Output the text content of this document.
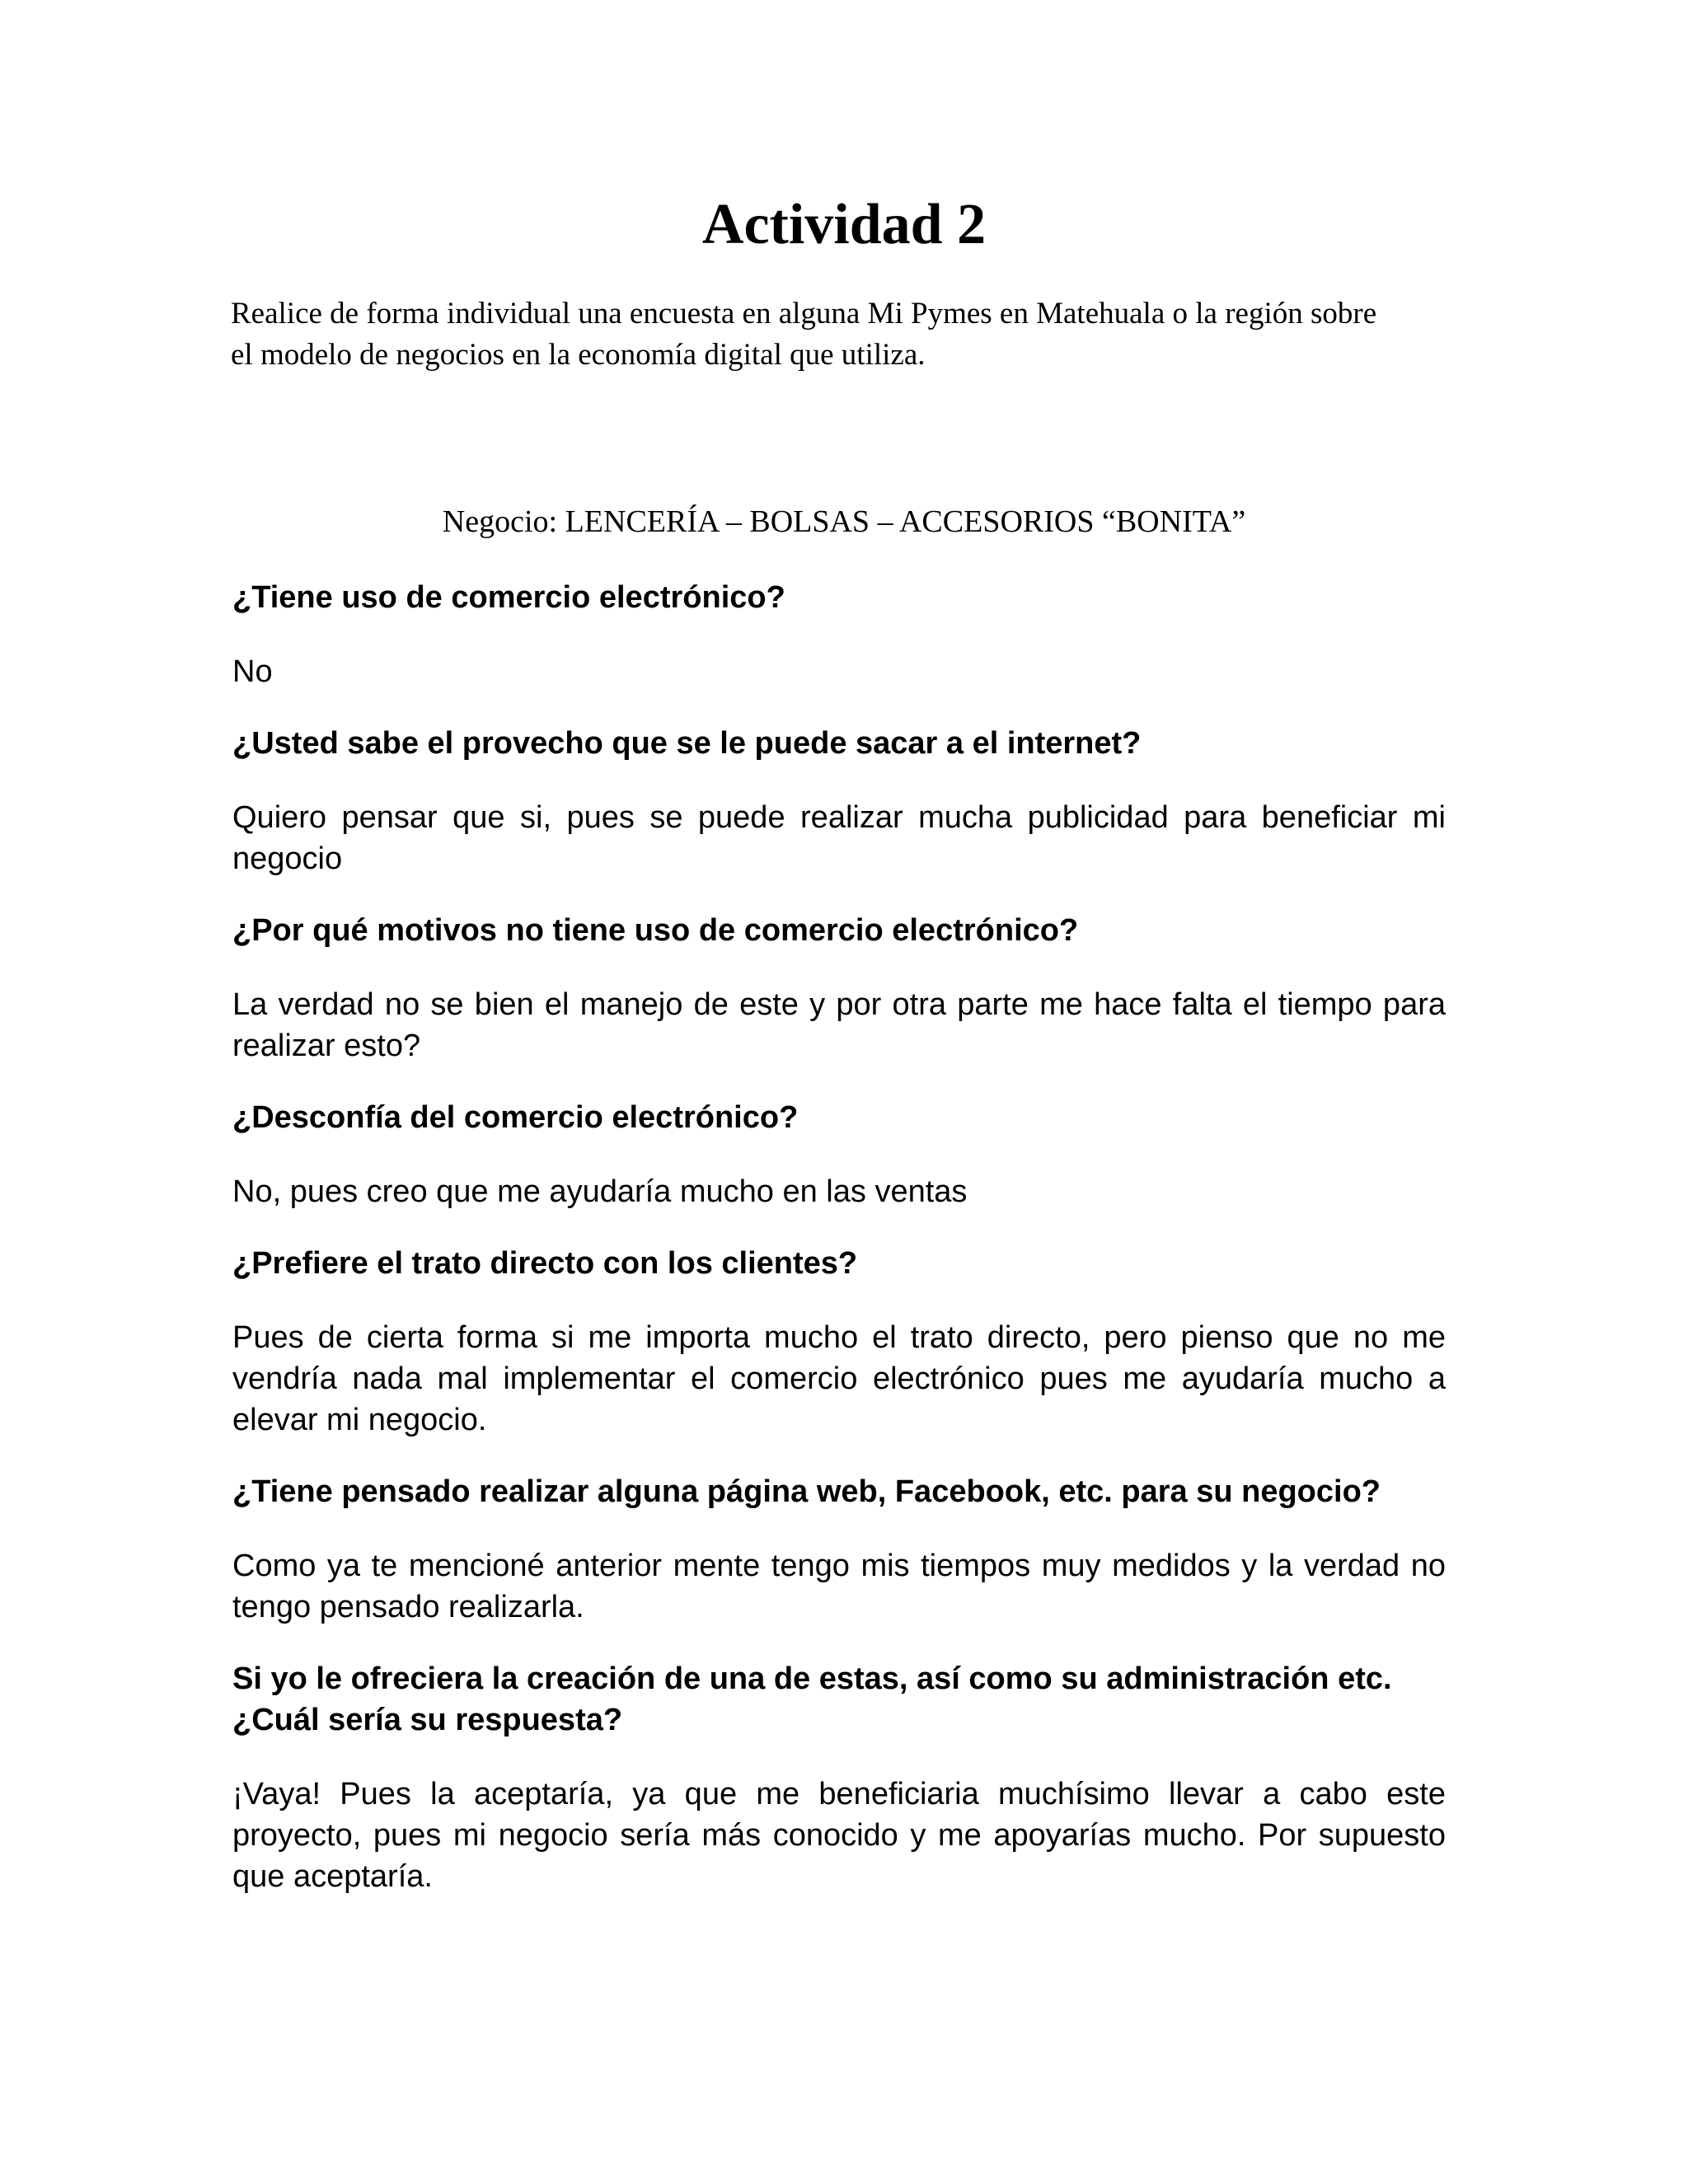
Actividad 2

Realice de forma individual una encuesta en alguna Mi Pymes en Matehuala o la región sobre el modelo de negocios en la economía digital que utiliza.

Negocio: LENCERÍA – BOLSAS – ACCESORIOS “BONITA”

¿Tiene uso de comercio electrónico?

No

¿Usted sabe el provecho que se le puede sacar a el internet?

Quiero pensar que si, pues se puede realizar mucha publicidad para beneficiar mi negocio

¿Por qué motivos no tiene uso de comercio electrónico?

La verdad no se bien el manejo de este y por otra parte me hace falta el tiempo para realizar esto?

¿Desconfía del comercio electrónico?

No, pues creo que me ayudaría mucho en las ventas

¿Prefiere el trato directo con los clientes?

Pues de cierta forma si me importa mucho el trato directo, pero pienso que no me vendría nada mal implementar el comercio electrónico pues me ayudaría mucho a elevar mi negocio.

¿Tiene pensado realizar alguna página web, Facebook, etc. para su negocio?

Como ya te mencioné anterior mente tengo mis tiempos muy medidos y la verdad no tengo pensado realizarla.

Si yo le ofreciera la creación de una de estas, así como su administración etc. ¿Cuál sería su respuesta?

¡Vaya! Pues la aceptaría, ya que me beneficiaria muchísimo llevar a cabo este proyecto, pues mi negocio sería más conocido y me apoyarías mucho. Por supuesto que aceptaría.
